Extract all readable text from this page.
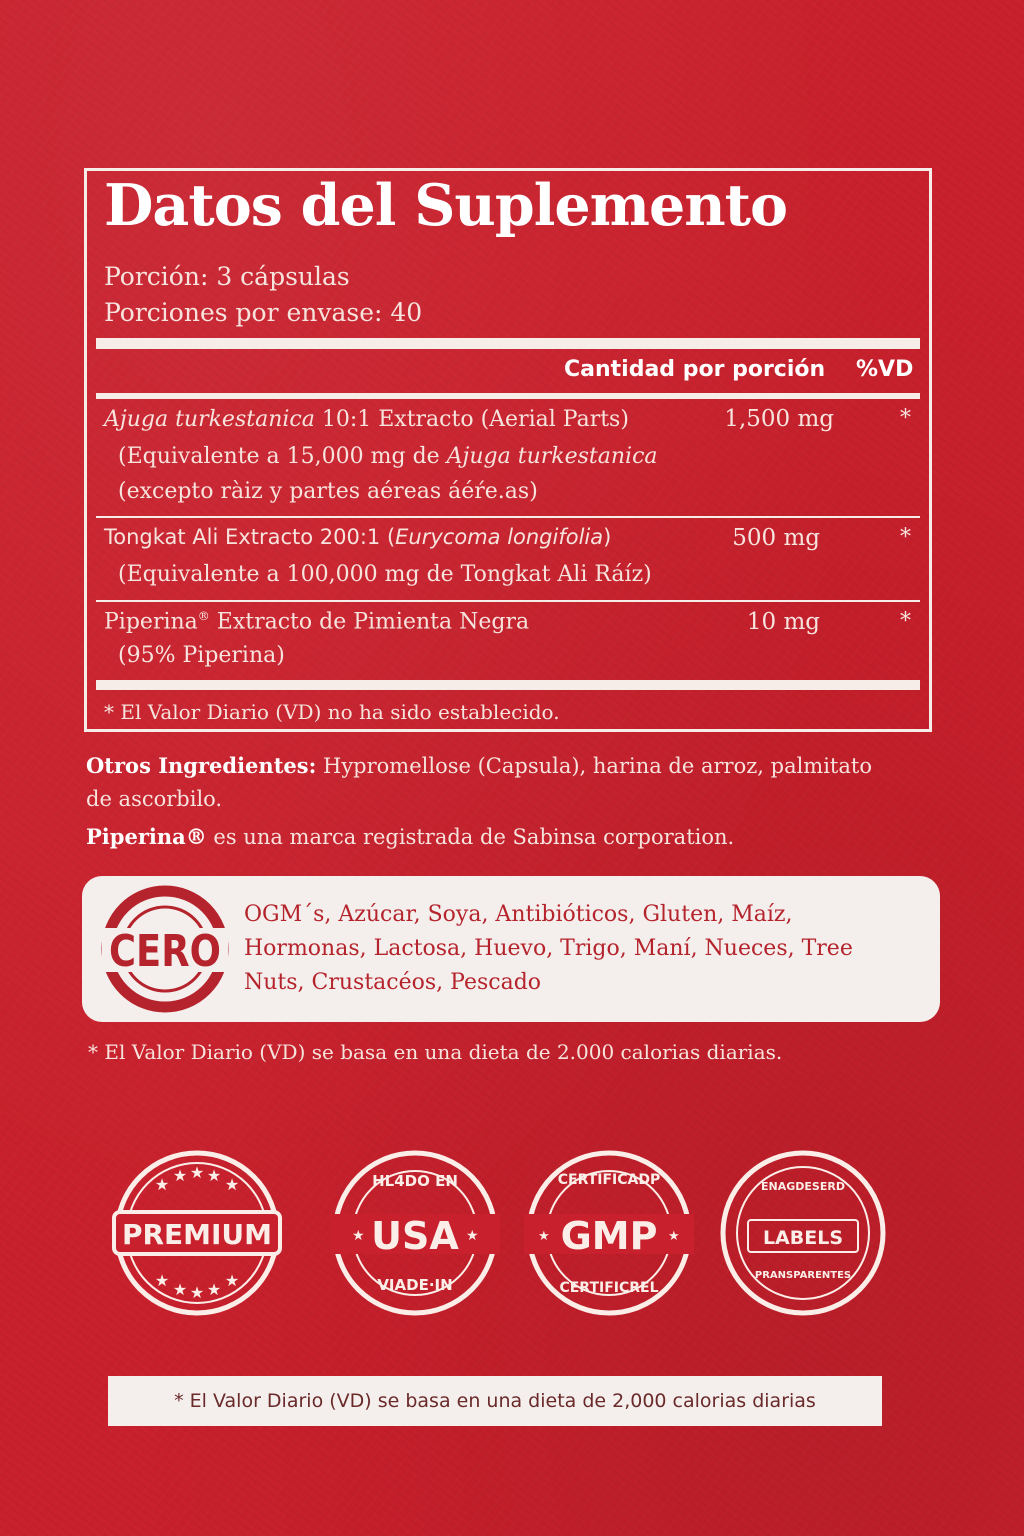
Datos del Suplemento
Porción: 3 cápsulas
Porciones por envase: 40
Cantidad por porción %VD
Ajuga turkestanica 10:1 Extracto (Aerial Parts)
(Equivalente a 15,000 mg de Ajuga turkestanica
(excepto ràiz y partes aéreas áéŕe.as)
1,500 mg	*
Tongkat Ali Extracto 200:1 (Eurycoma longifolia)
(Equivalente a 100,000 mg de Tongkat Ali Ráíz)
500 mg	*
Piperina® Extracto de Pimienta Negra
(95% Piperina)
10 mg	*
* El Valor Diario (VD) no ha sido establecido.
Otros Ingredientes: Hypromellose (Capsula), harina de arroz, palmitato
de ascorbilo.
Piperina® es una marca registrada de Sabinsa corporation.
CERO
OGM´s, Azúcar, Soya, Antibióticos, Gluten, Maíz,
Hormonas, Lactosa, Huevo, Trigo, Maní, Nueces, Tree
Nuts, Crustacéos, Pescado
* El Valor Diario (VD) se basa en una dieta de 2.000 calorias diarias.
★ ★ ★ ★ ★
★ ★ ★ ★ ★
PREMIUM
HL4DO EN
★	★
USA
VIADE·IN
CERTIFICADP
★	★
GMP
CERTIFICREL
ENAGDESERD
LABELS
PRANSPARENTES
* El Valor Diario (VD) se basa en una dieta de 2,000 calorias diarias
